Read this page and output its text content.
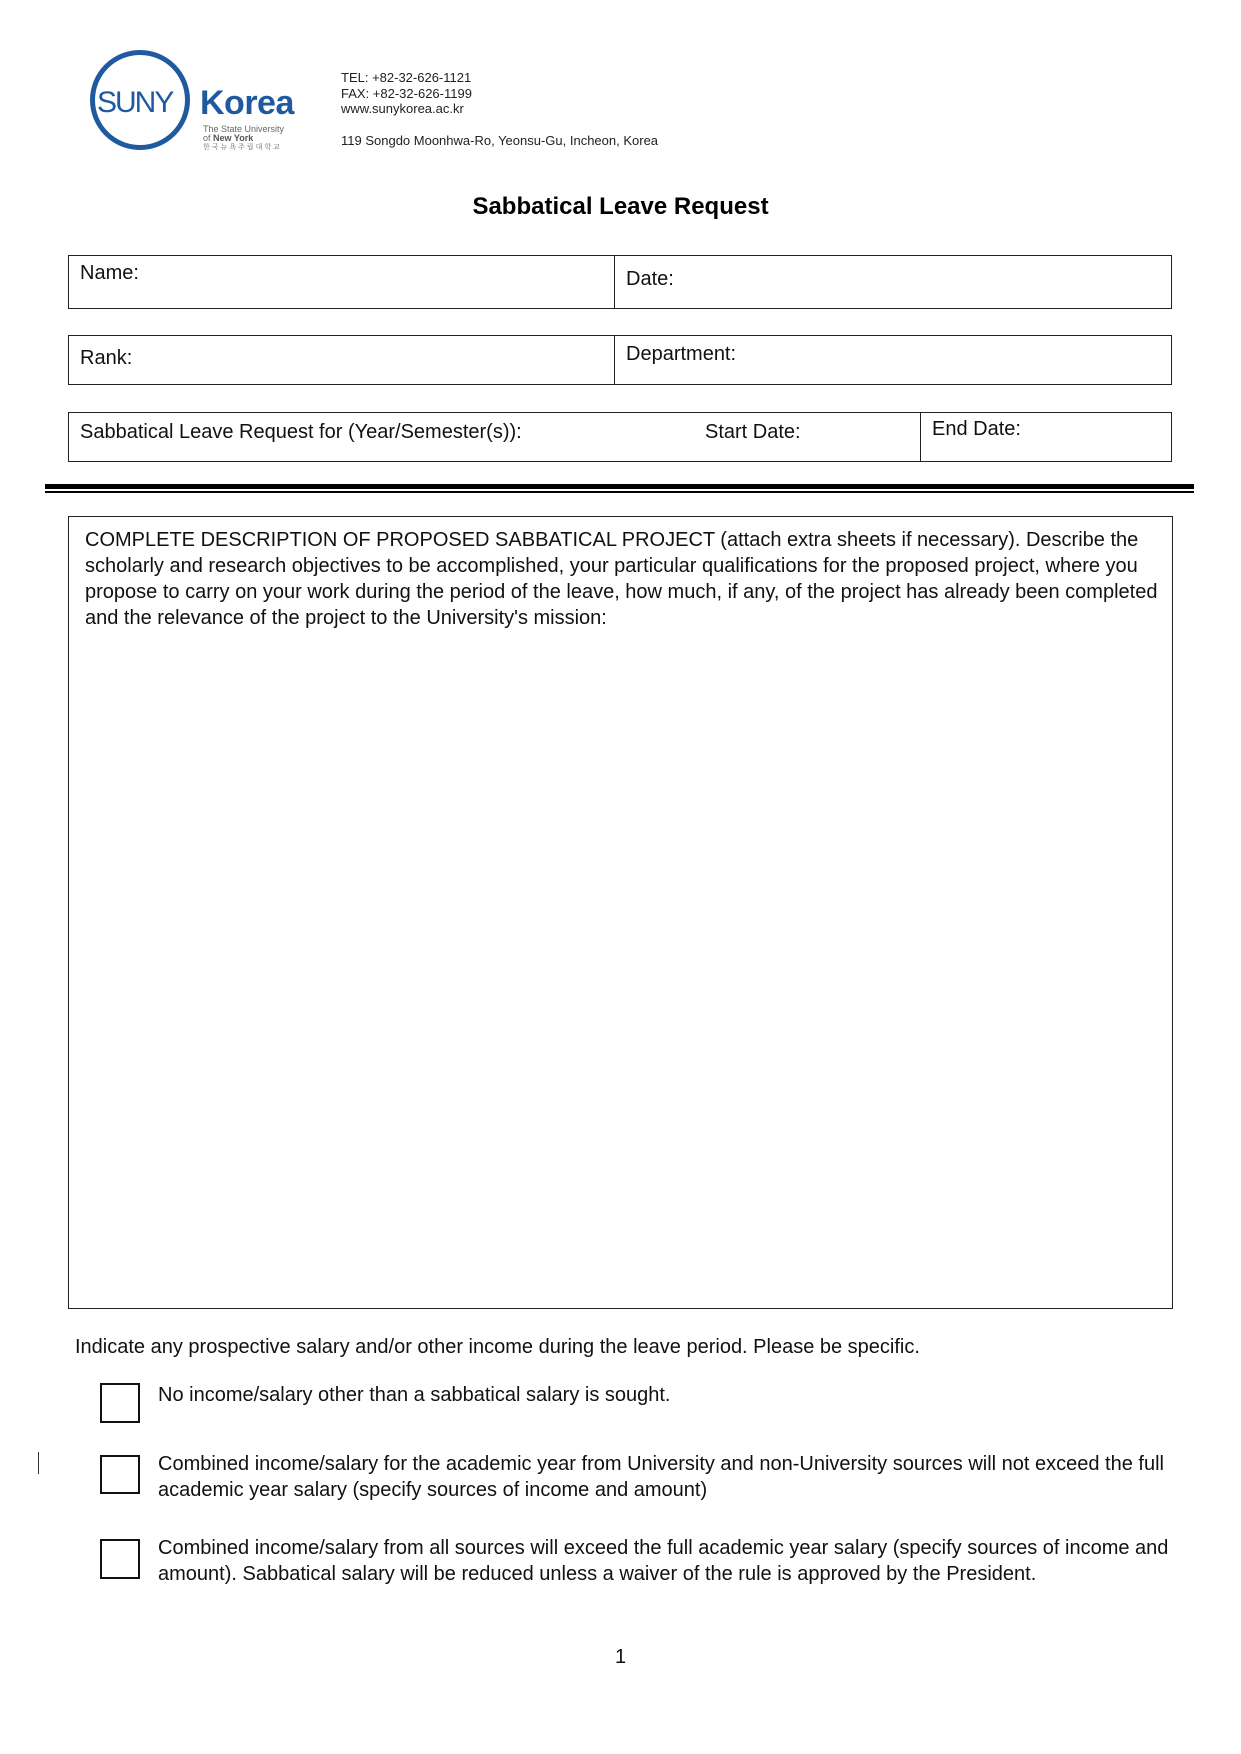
SUNY Korea
The State University
of New York
한국뉴욕주립대학교
TEL: +82-32-626-1121
FAX: +82-32-626-1199
www.sunykorea.ac.kr
119 Songdo Moonhwa-Ro, Yeonsu-Gu, Incheon, Korea
Sabbatical Leave Request
Name:	Date:
Rank:	Department:
Sabbatical Leave Request for (Year/Semester(s)):	Start Date:	End Date:
COMPLETE DESCRIPTION OF PROPOSED SABBATICAL PROJECT (attach extra sheets if necessary). Describe the scholarly and research objectives to be accomplished, your particular qualifications for the proposed project, where you propose to carry on your work during the period of the leave, how much, if any, of the project has already been completed and the relevance of the project to the University's mission:
Indicate any prospective salary and/or other income during the leave period. Please be specific.
No income/salary other than a sabbatical salary is sought.
Combined income/salary for the academic year from University and non-University sources will not exceed the full academic year salary (specify sources of income and amount)
Combined income/salary from all sources will exceed the full academic year salary (specify sources of income and amount). Sabbatical salary will be reduced unless a waiver of the rule is approved by the President.
1
